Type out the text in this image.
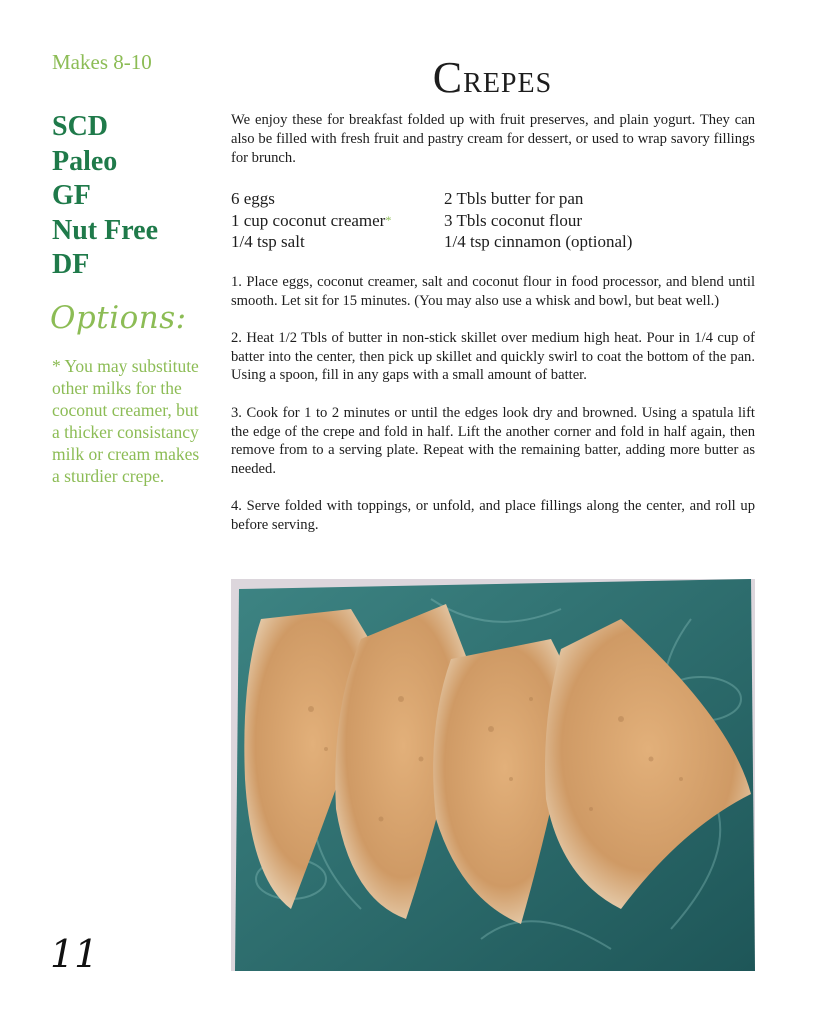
Makes 8-10
SCD
Paleo
GF
Nut Free
DF
Options:
* You may substitute other milks for the coconut creamer, but a thicker consistancy milk or cream makes a sturdier crepe.
CREPES

We enjoy these for breakfast folded up with fruit preserves, and plain yogurt. They can also be filled with fresh fruit and pastry cream for dessert, or used to wrap savory fillings for brunch.

6 eggs
1 cup coconut creamer*
1/4 tsp salt
2 Tbls butter for pan
3 Tbls coconut flour
1/4 tsp cinnamon (optional)
1. Place eggs, coconut creamer, salt and coconut flour in food processor, and blend until smooth. Let sit for 15 minutes. (You may also use a whisk and bowl, but beat well.)
2. Heat 1/2 Tbls of butter in non-stick skillet over medium high heat. Pour in 1/4 cup of batter into the center, then pick up skillet and quickly swirl to coat the bottom of the pan. Using a spoon, fill in any gaps with a small amount of batter.
3. Cook for 1 to 2 minutes or until the edges look dry and browned. Using a spatula lift the edge of the crepe and fold in half. Lift the another corner and fold in half again, then remove from to a serving plate. Repeat with the remaining batter, adding more butter as needed.
4. Serve folded with toppings, or unfold, and place fillings along the center, and roll up before serving.
11
